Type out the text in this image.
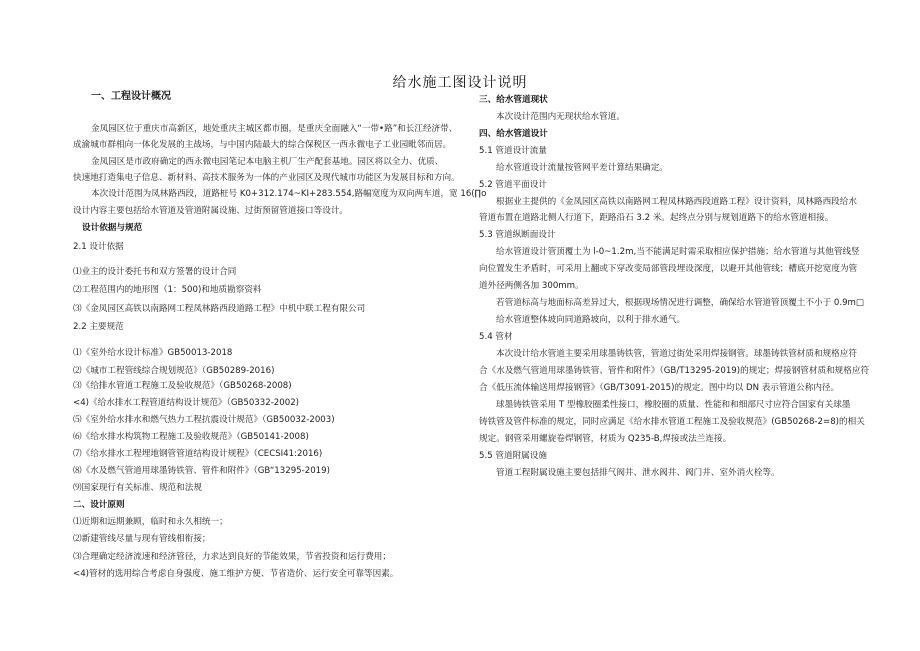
给水施工图设计说明
一、工程设计概况
金凤园区位于重庆市高新区，地处重庆主城区都市圈，是重庆全面融入“一带•路”和长江经济带、
成渝城市群相向一体化发展的主战场，与中国内陆最大的综合保税区一西永微电子工业园毗邻而居。
金凤园区是市政府确定的西永微电园笔记本电脑主机厂生产配套基地。园区将以全力、优质、
快速地打造集电子信息、新材料、高技术服务为一体的产业园区及现代城市功能区为发展目标和方向。
本次设计范围为凤林路西段，道路桩号 K0+312.174~KI+283.554,路幅宽度为双向两车道，宽 16(∏o
设计内容主要包括给水管道及管道附属设施、过街预留管道接口等设计。
设计依据与规范
2.1 设计依据
⑴业主的设计委托书和双方签署的设计合同
⑵工程范围内的地形图（1：500)和地质勘察资料
⑶《金凤园区高铁以南路网工程凤林路西段道路工程》中机中联工程有限公司
2.2 主要规范
⑴《室外给水设计标准》GB50013-2018
⑵《城市工程管线综合规划规范》（GB50289-2016)
⑶《给排水管道工程施工及验收规范》（GB50268-2008)
<4)《给水排水工程管道结构设计规范》（GB50332-2002)
⑸《室外给水排水和燃气热力工程抗震设计规范》（GB50032-2003)
⑹《给水排水构筑物工程施工及验收规范》（GB50141-2008)
⑺《给水排水工程埋地钢管管道结构设计规程》（CECSI41:2016)
⑻《水及燃气管道用球墨铸铁管、管件和附件》（GB“13295-2019)
⑼国家现行有关标准、规范和法规
二、设计原则
⑴近期和远期兼顾，临时和永久相统一；
⑵新建管线尽量与现有管线相衔接；
⑶合理确定经济流速和经济管径，力求达到良好的节能效果，节省投资和运行费用；
<4)管材的选用综合考虑自身强度、施工维护方便、节省造价、运行安全可靠等因素。
三、给水管道现状
本次设计范围内无现状给水管道。
四、给水管道设计
5.1 管道设计流量
给水管道设计流量按管网平差计算结果确定。
5.2 管道平面设计
根据业主提供的《金凤园区高铁以南路网工程凤林路西段道路工程》设计资料，凤林路西段给水
管道布置在道路北侧人行道下，距路沿石 3.2 米。起终点分别与规划道路下的给水管道相接。
5.3 管道纵断面设计
给水管道设计管顶覆土为 l-0~1.2m,当不能满足时需采取相应保护措施；给水管道与其他管线竖
向位置发生矛盾时，可采用上翻或下穿改变局部管段埋设深度，以避开其他管线；槽底开挖宽度为管
道外径两侧各加 300mm。
若管道标高与地面标高差异过大，根据现场情况进行调整，确保给水管道管顶覆土不小于 0.9m□
给水管道整体坡向同道路坡向，以利于排水通气。
5.4 管材
本次设计给水管道主要采用球墨铸铁管，管道过街处采用焊接钢管。球墨铸铁管材质和规格应符
合《水及燃气管道用球墨铸铁管、管件和附件》（GB/T13295-2019)的规定；焊接钢管材质和规格应符
合《低压流体输送用焊接钢管》（GB/T3091-2015)的规定。图中均以 DN 表示管道公称内径。
球墨铸铁管采用 T 型橡胶圈柔性接口，橡胶圈的质量、性能和和细部尺寸应符合国家有关球墨
铸铁管及管件标准的规定，同时应满足《给水排水管道工程施工及验收规范》(GB50268-2=8)的相关
规定。钢管采用螺旋卷焊钢管，材质为 Q235-B,焊接或法兰连接。
5.5 管道附属设施
管道工程附属设施主要包括排气阀井、泄水阀井、阀门井、室外消火栓等。
